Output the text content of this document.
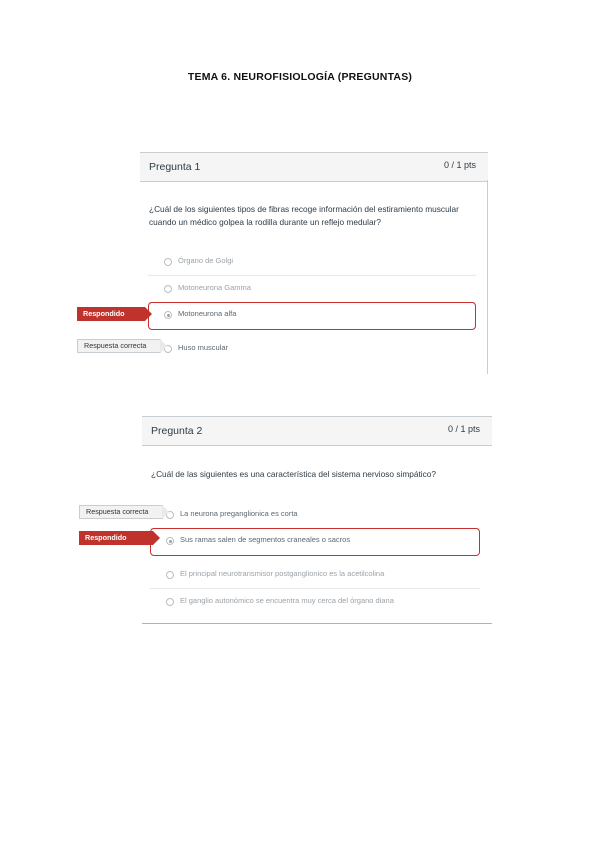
TEMA 6. NEUROFISIOLOGÍA (PREGUNTAS)
Pregunta 1	0 / 1 pts
¿Cuál de los siguientes tipos de fibras recoge información del estiramiento muscular cuando un médico golpea la rodilla durante un reflejo medular?
Órgano de Golgi
Motoneurona Gamma
Motoneurona alfa
Huso muscular
Respondido
Respuesta correcta
Pregunta 2	0 / 1 pts
¿Cuál de las siguientes es una característica del sistema nervioso simpático?
La neurona preganglionica es corta
Sus ramas salen de segmentos craneales o sacros
El principal neurotransmisor postganglionico es la acetilcolina
El ganglio autonómico se encuentra muy cerca del órgano diana
Respuesta correcta
Respondido
